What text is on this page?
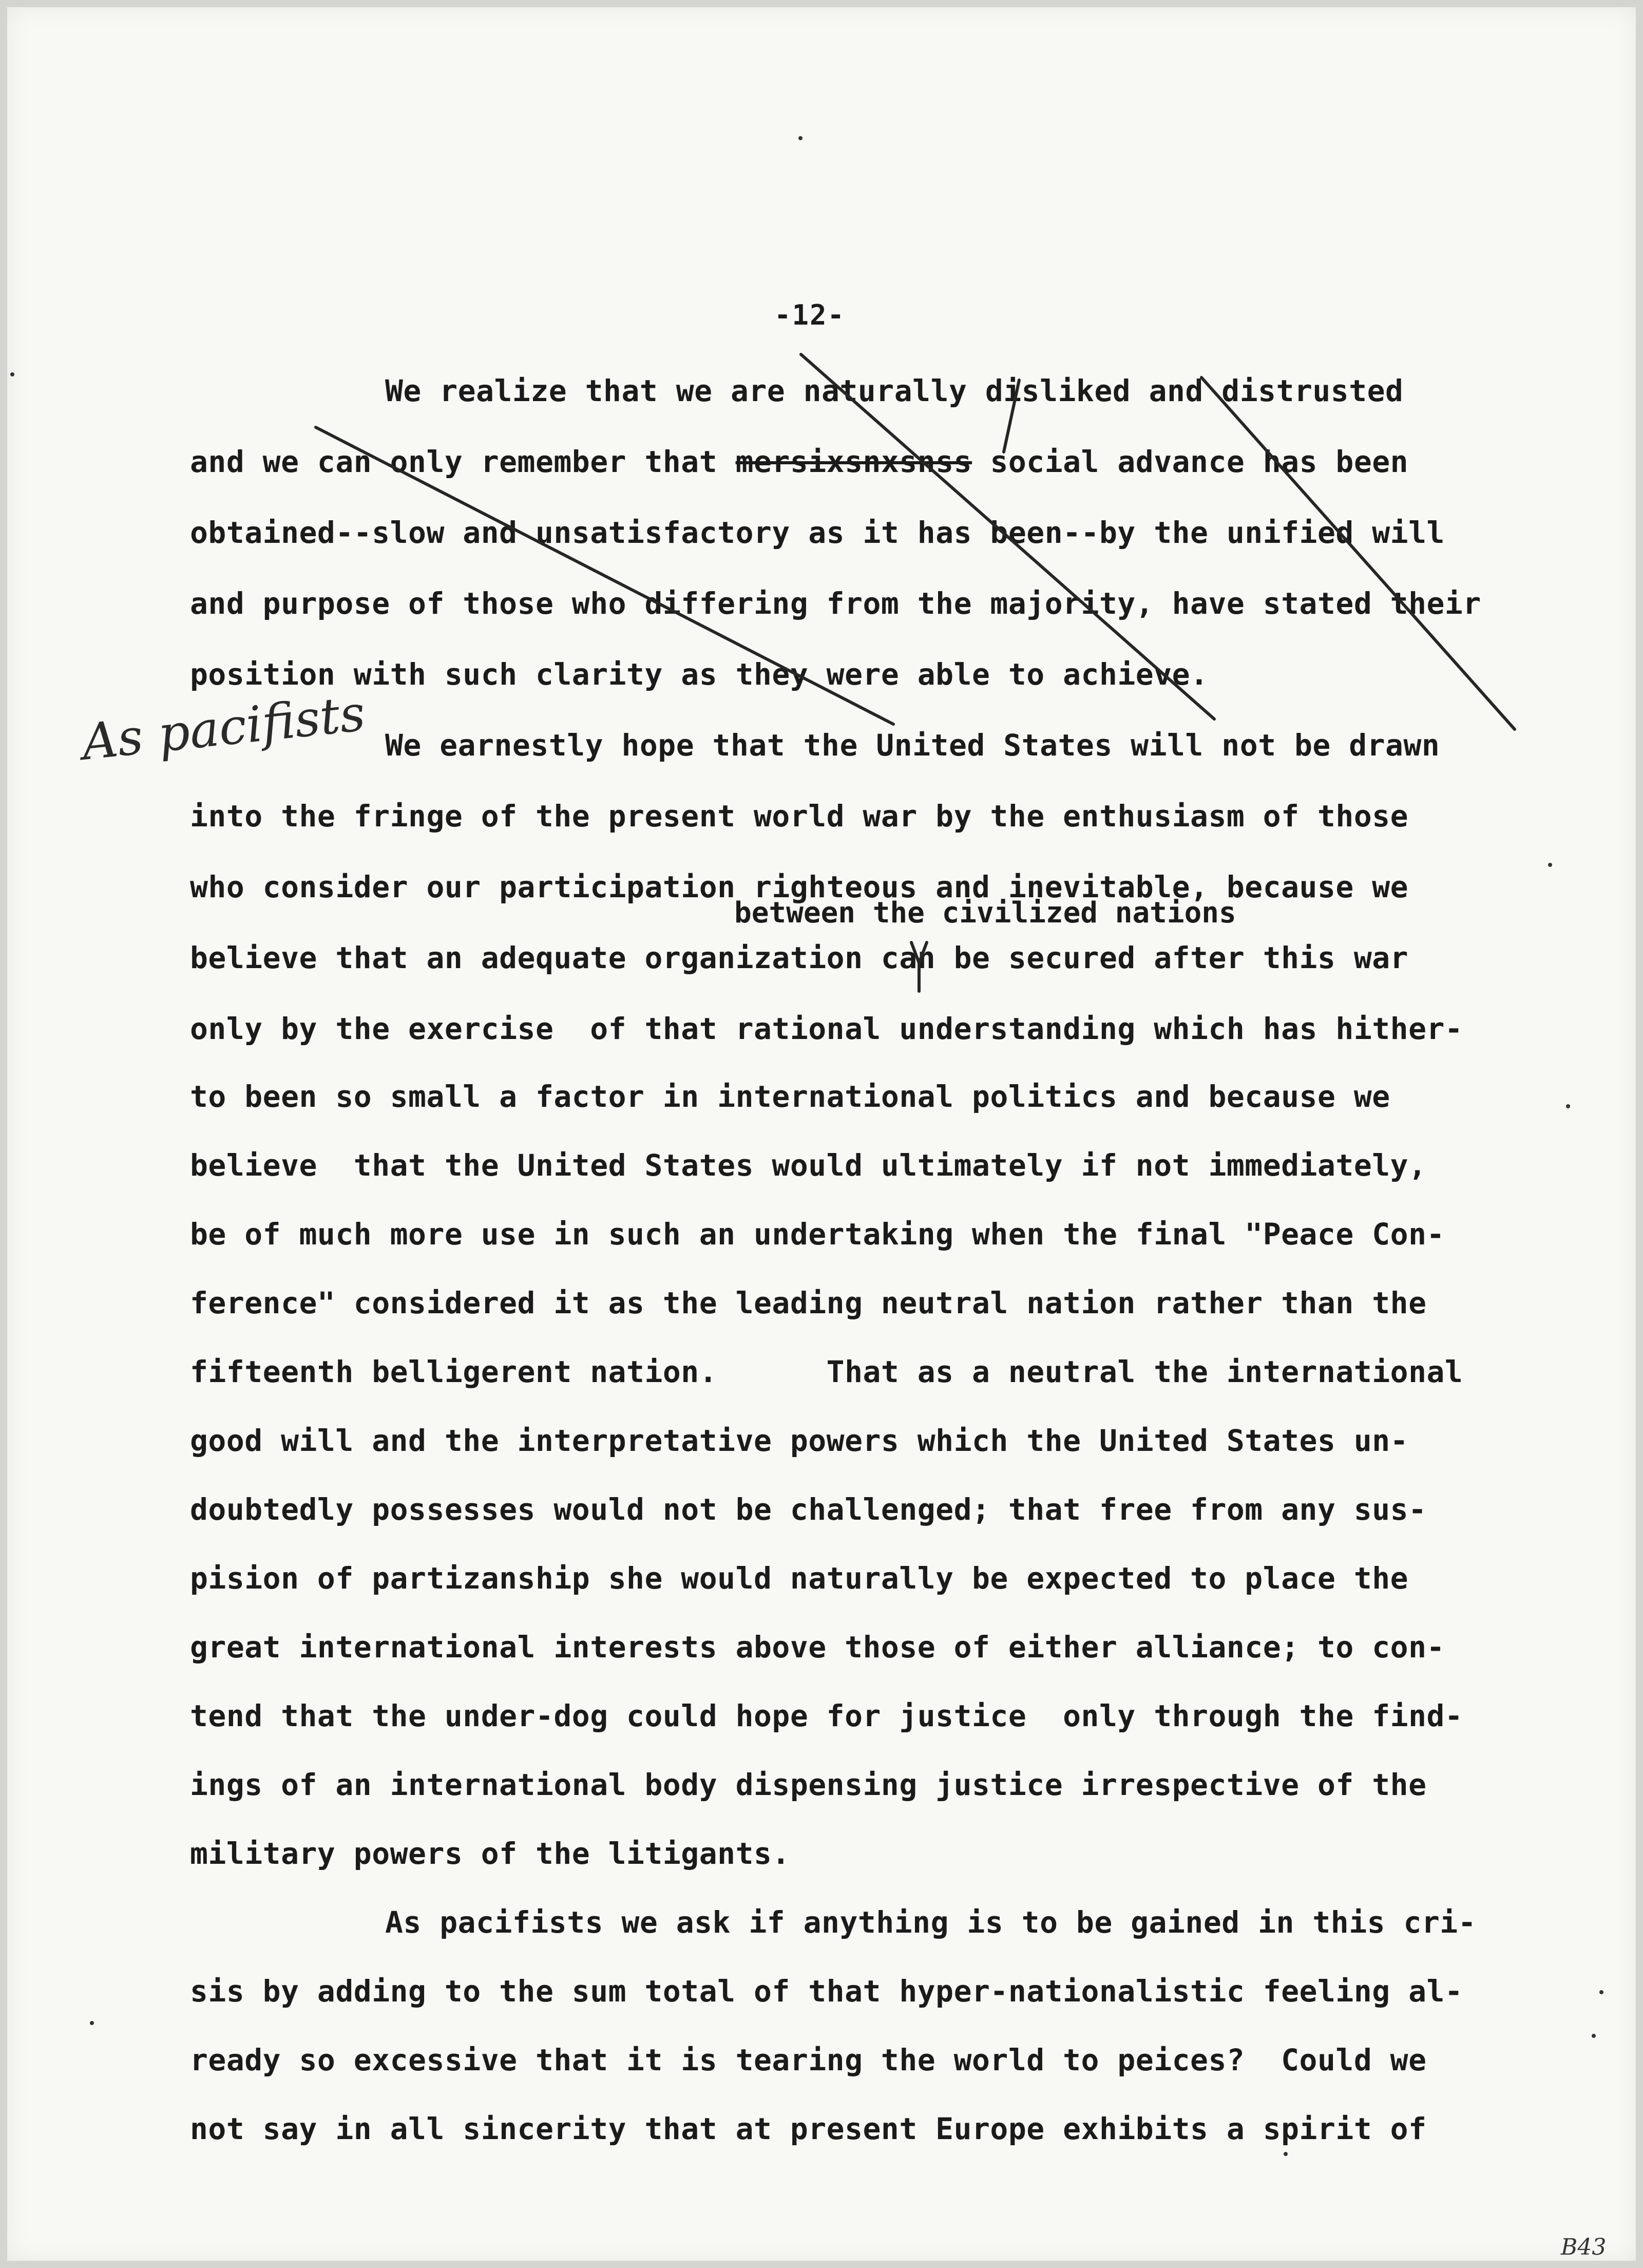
-12-
We realize that we are naturally disliked and distrusted
and we can only remember that mersixsnxsnss social advance has been
obtained--slow and unsatisfactory as it has been--by the unified will
and purpose of those who differing from the majority, have stated their
position with such clarity as they were able to achieve.
We earnestly hope that the United States will not be drawn
into the fringe of the present world war by the enthusiasm of those
who consider our participation righteous and inevitable, because we
between the civilized nations
believe that an adequate organization can be secured after this war
only by the exercise  of that rational understanding which has hither-
to been so small a factor in international politics and because we
believe  that the United States would ultimately if not immediately,
be of much more use in such an undertaking when the final "Peace Con-
ference" considered it as the leading neutral nation rather than the
fifteenth belligerent nation.      That as a neutral the international
good will and the interpretative powers which the United States un-
doubtedly possesses would not be challenged; that free from any sus-
pision of partizanship she would naturally be expected to place the
great international interests above those of either alliance; to con-
tend that the under-dog could hope for justice  only through the find-
ings of an international body dispensing justice irrespective of the
military powers of the litigants.
As pacifists we ask if anything is to be gained in this cri-
sis by adding to the sum total of that hyper-nationalistic feeling al-
ready so excessive that it is tearing the world to peices?  Could we
not say in all sincerity that at present Europe exhibits a spirit of
As pacifists
B43
